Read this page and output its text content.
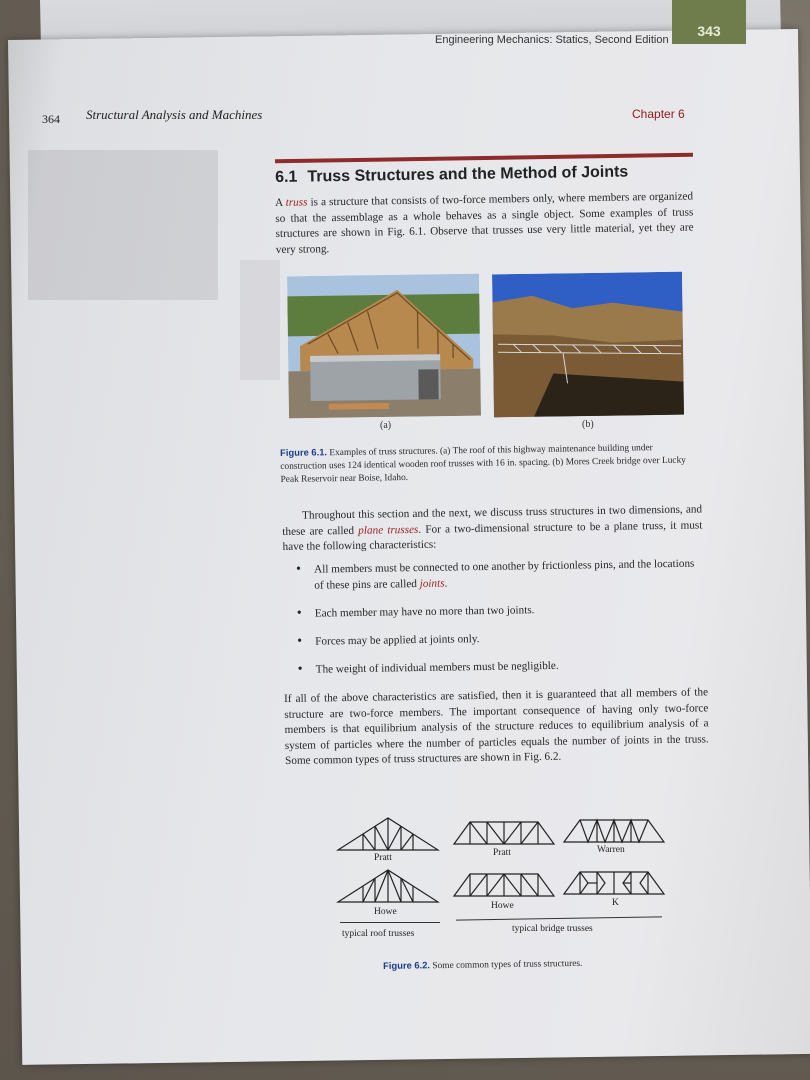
Engineering Mechanics: Statics, Second Edition
343
364 Structural Analysis and Machines	Chapter 6
6.1 Truss Structures and the Method of Joints
A truss is a structure that consists of two-force members only, where members are organized so that the assemblage as a whole behaves as a single object. Some examples of truss structures are shown in Fig. 6.1. Observe that trusses use very little material, yet they are very strong.
(a)	(b)
Figure 6.1. Examples of truss structures. (a) The roof of this highway maintenance building under construction uses 124 identical wooden roof trusses with 16 in. spacing. (b) Mores Creek bridge over Lucky Peak Reservoir near Boise, Idaho.
Throughout this section and the next, we discuss truss structures in two dimensions, and these are called plane trusses. For a two-dimensional structure to be a plane truss, it must have the following characteristics:
• All members must be connected to one another by frictionless pins, and the locations of these pins are called joints.
• Each member may have no more than two joints.
• Forces may be applied at joints only.
• The weight of individual members must be negligible.
If all of the above characteristics are satisfied, then it is guaranteed that all members of the structure are two-force members. The important consequence of having only two-force members is that equilibrium analysis of the structure reduces to equilibrium analysis of a system of particles where the number of particles equals the number of joints in the truss. Some common types of truss structures are shown in Fig. 6.2.
Pratt
Howe
Pratt	Warren
Howe	K
typical roof trusses	typical bridge trusses
Figure 6.2. Some common types of truss structures.
